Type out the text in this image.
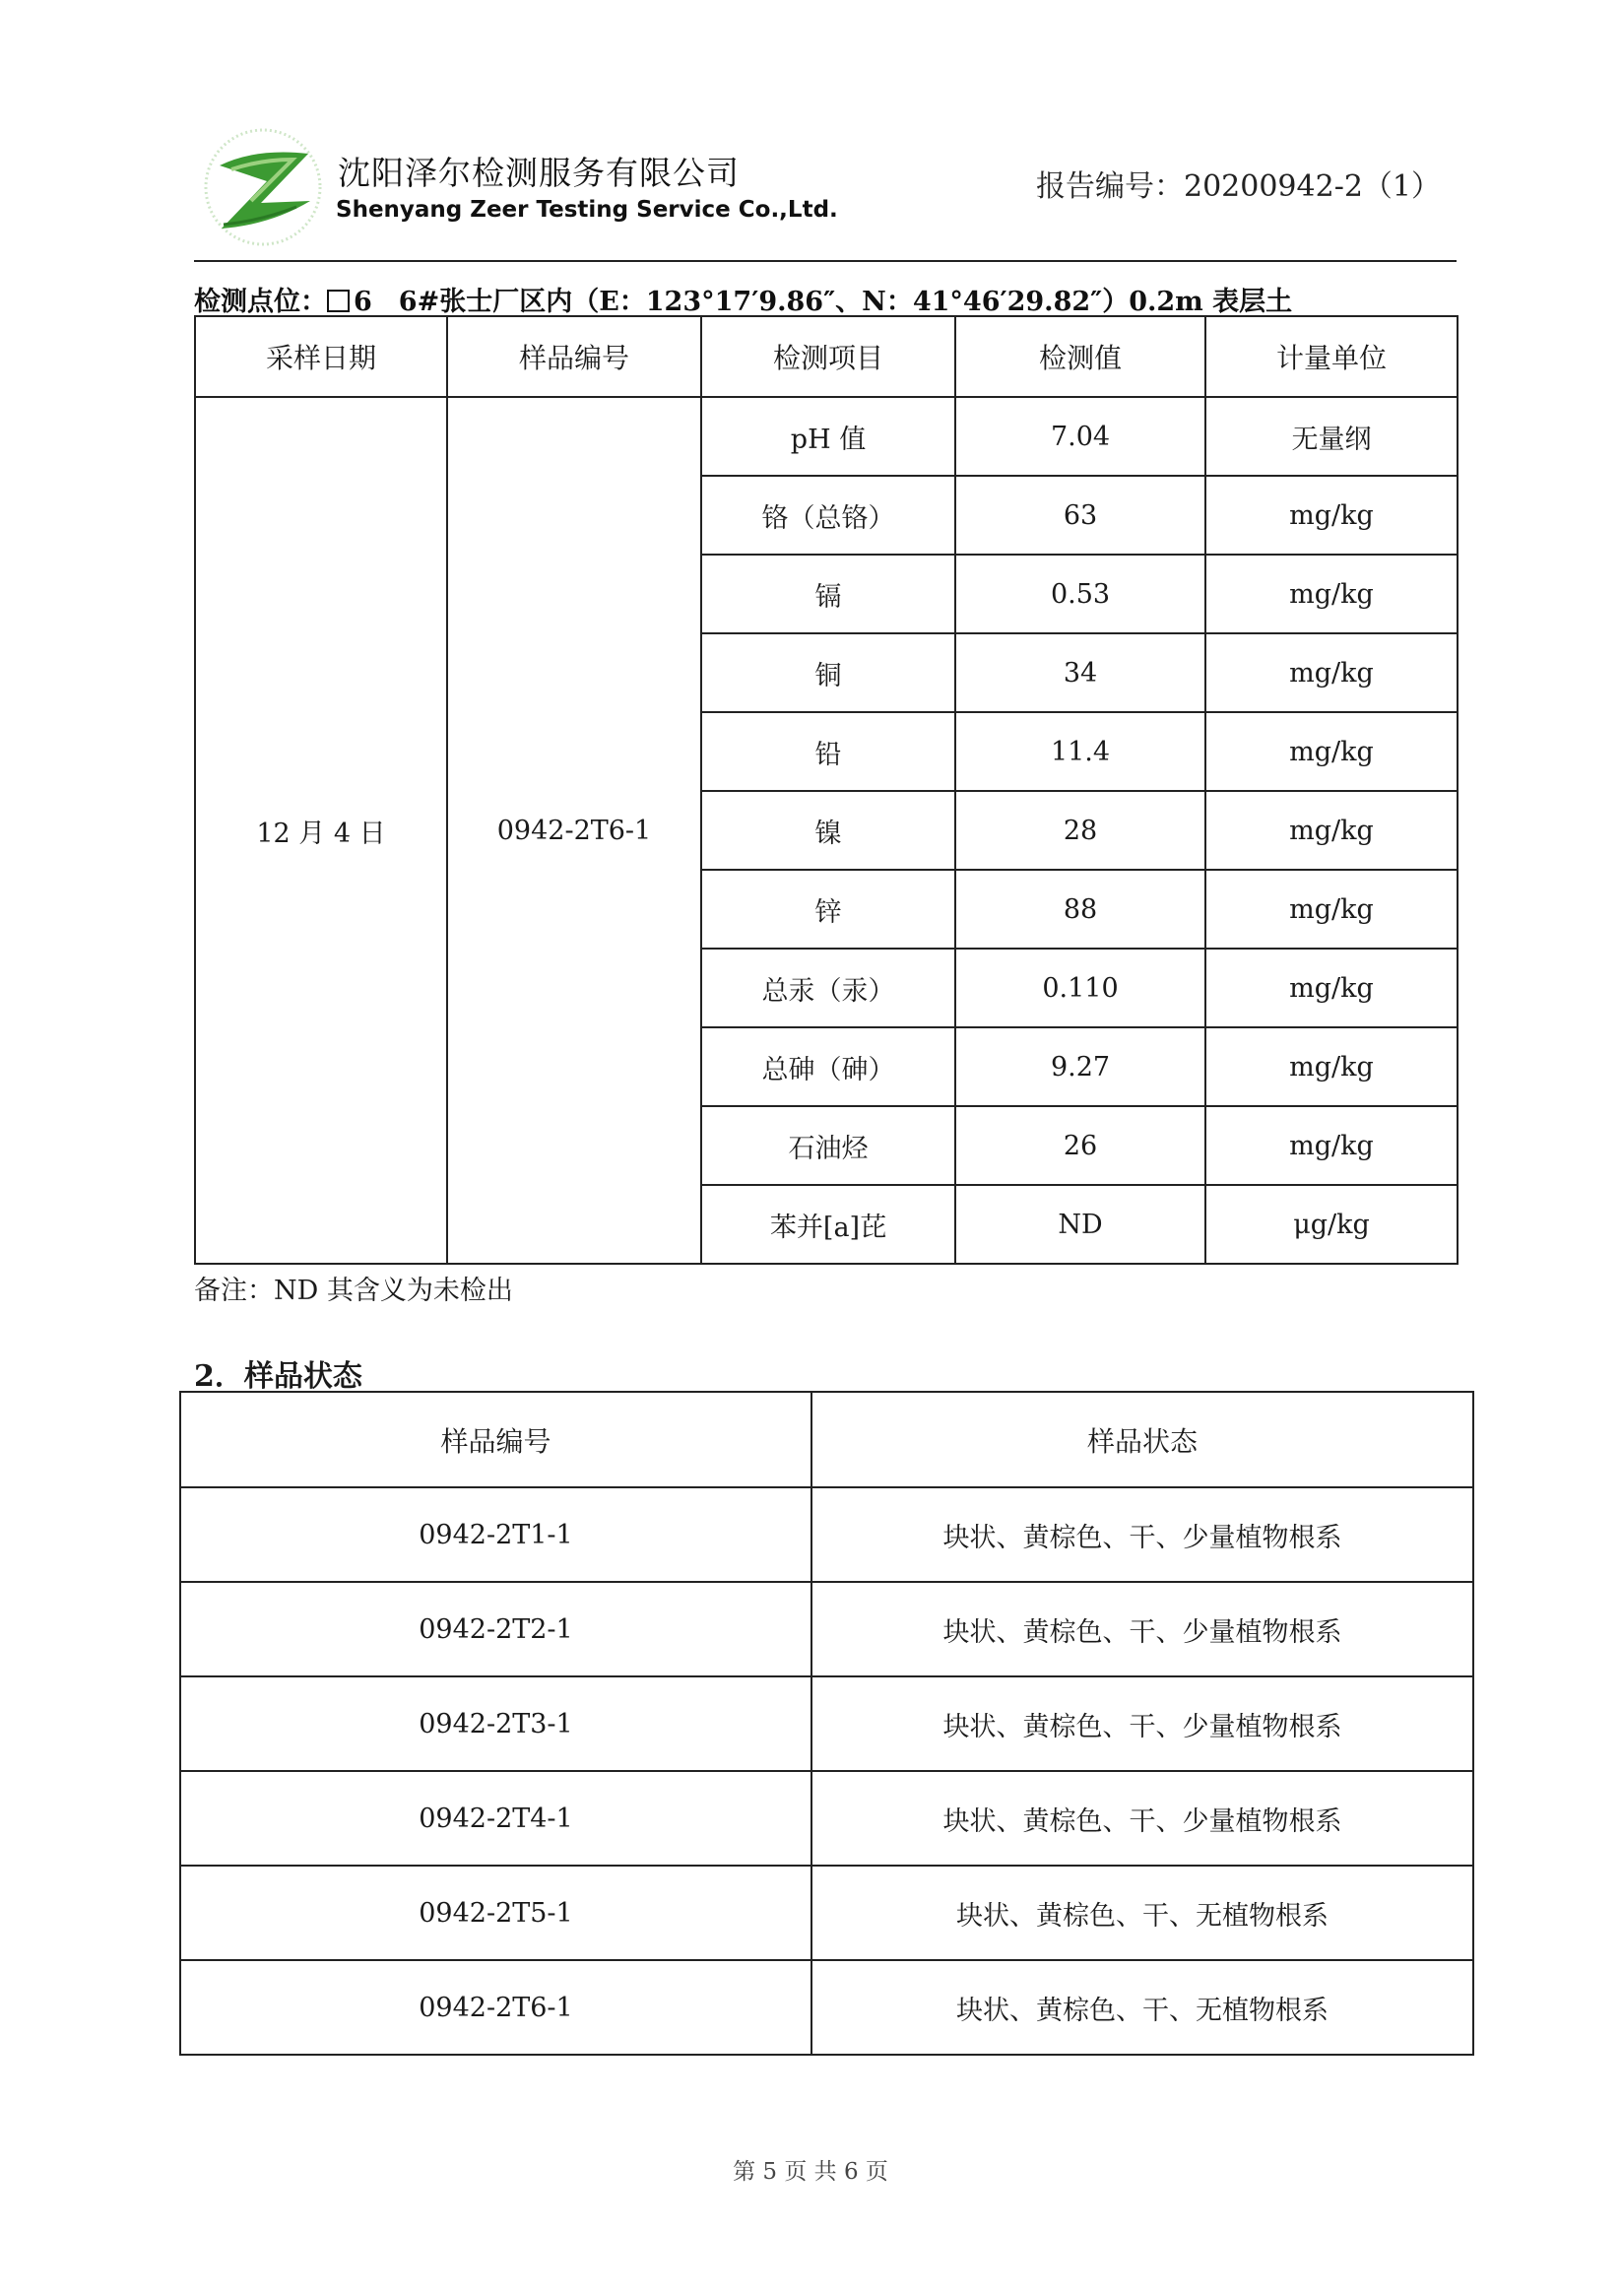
沈阳泽尔检测服务有限公司
Shenyang Zeer Testing Service Co.,Ltd.
报告编号：20200942-2（1）
检测点位： 6　6#张士厂区内（E：123°17′9.86″、N：41°46′29.82″）0.2m 表层土
采样日期	样品编号	检测项目	检测值	计量单位
12 月 4 日	0942-2T6-1	pH 值	7.04	无量纲
		铬（总铬）	63	mg/kg
		镉	0.53	mg/kg
		铜	34	mg/kg
		铅	11.4	mg/kg
		镍	28	mg/kg
		锌	88	mg/kg
		总汞（汞）	0.110	mg/kg
		总砷（砷）	9.27	mg/kg
		石油烃	26	mg/kg
		苯并[a]芘	ND	μg/kg
备注：ND 其含义为未检出
2．样品状态
样品编号	样品状态
0942-2T1-1	块状、黄棕色、干、少量植物根系
0942-2T2-1	块状、黄棕色、干、少量植物根系
0942-2T3-1	块状、黄棕色、干、少量植物根系
0942-2T4-1	块状、黄棕色、干、少量植物根系
0942-2T5-1	块状、黄棕色、干、无植物根系
0942-2T6-1	块状、黄棕色、干、无植物根系
第 5 页 共 6 页
